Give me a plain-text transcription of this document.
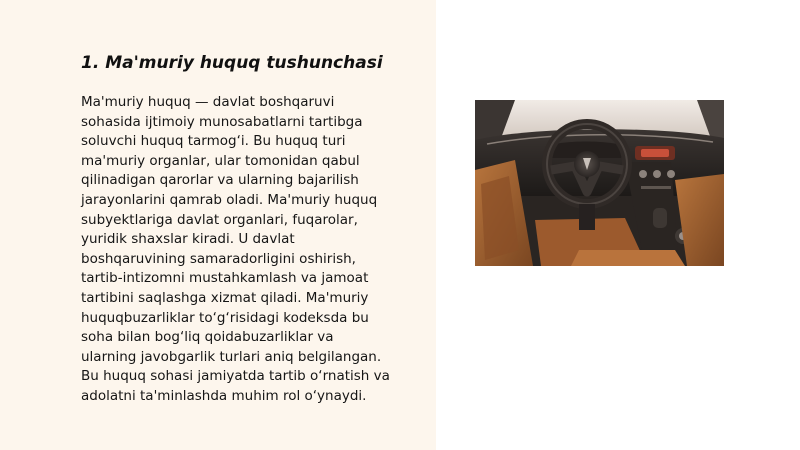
1. Ma'muriy huquq tushunchasi
Ma'muriy huquq — davlat boshqaruvi
sohasida ijtimoiy munosabatlarni tartibga
soluvchi huquq tarmog‘i. Bu huquq turi
ma'muriy organlar, ular tomonidan qabul
qilinadigan qarorlar va ularning bajarilish
jarayonlarini qamrab oladi. Ma'muriy huquq
subyektlariga davlat organlari, fuqarolar,
yuridik shaxslar kiradi. U davlat
boshqaruvining samaradorligini oshirish,
tartib-intizomni mustahkamlash va jamoat
tartibini saqlashga xizmat qiladi. Ma'muriy
huquqbuzarliklar to‘g‘risidagi kodeksda bu
soha bilan bog‘liq qoidabuzarliklar va
ularning javobgarlik turlari aniq belgilangan.
Bu huquq sohasi jamiyatda tartib o‘rnatish va
adolatni ta'minlashda muhim rol o‘ynaydi.
